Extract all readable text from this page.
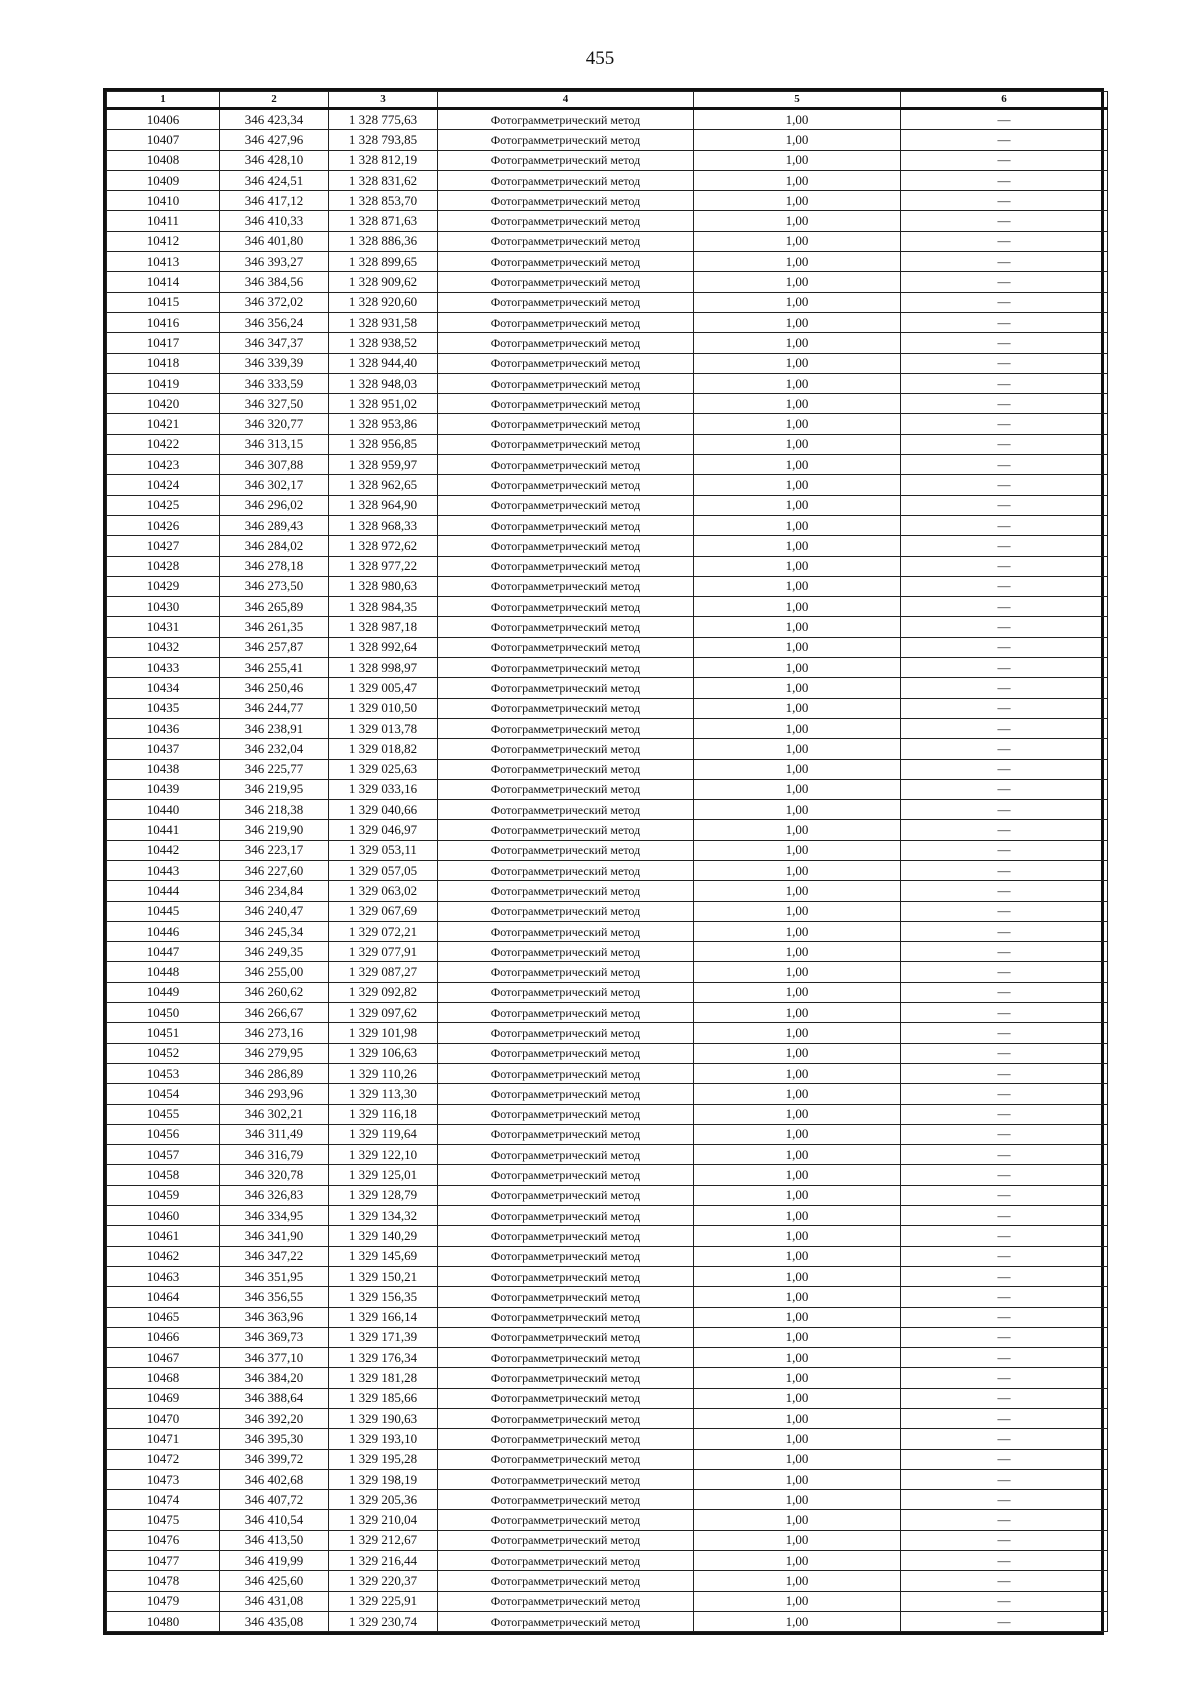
455
1	2	3	4	5	6
10406	346 423,34	1 328 775,63	Фотограмметрический метод	1,00	—
10407	346 427,96	1 328 793,85	Фотограмметрический метод	1,00	—
10408	346 428,10	1 328 812,19	Фотограмметрический метод	1,00	—
10409	346 424,51	1 328 831,62	Фотограмметрический метод	1,00	—
10410	346 417,12	1 328 853,70	Фотограмметрический метод	1,00	—
10411	346 410,33	1 328 871,63	Фотограмметрический метод	1,00	—
10412	346 401,80	1 328 886,36	Фотограмметрический метод	1,00	—
10413	346 393,27	1 328 899,65	Фотограмметрический метод	1,00	—
10414	346 384,56	1 328 909,62	Фотограмметрический метод	1,00	—
10415	346 372,02	1 328 920,60	Фотограмметрический метод	1,00	—
10416	346 356,24	1 328 931,58	Фотограмметрический метод	1,00	—
10417	346 347,37	1 328 938,52	Фотограмметрический метод	1,00	—
10418	346 339,39	1 328 944,40	Фотограмметрический метод	1,00	—
10419	346 333,59	1 328 948,03	Фотограмметрический метод	1,00	—
10420	346 327,50	1 328 951,02	Фотограмметрический метод	1,00	—
10421	346 320,77	1 328 953,86	Фотограмметрический метод	1,00	—
10422	346 313,15	1 328 956,85	Фотограмметрический метод	1,00	—
10423	346 307,88	1 328 959,97	Фотограмметрический метод	1,00	—
10424	346 302,17	1 328 962,65	Фотограмметрический метод	1,00	—
10425	346 296,02	1 328 964,90	Фотограмметрический метод	1,00	—
10426	346 289,43	1 328 968,33	Фотограмметрический метод	1,00	—
10427	346 284,02	1 328 972,62	Фотограмметрический метод	1,00	—
10428	346 278,18	1 328 977,22	Фотограмметрический метод	1,00	—
10429	346 273,50	1 328 980,63	Фотограмметрический метод	1,00	—
10430	346 265,89	1 328 984,35	Фотограмметрический метод	1,00	—
10431	346 261,35	1 328 987,18	Фотограмметрический метод	1,00	—
10432	346 257,87	1 328 992,64	Фотограмметрический метод	1,00	—
10433	346 255,41	1 328 998,97	Фотограмметрический метод	1,00	—
10434	346 250,46	1 329 005,47	Фотограмметрический метод	1,00	—
10435	346 244,77	1 329 010,50	Фотограмметрический метод	1,00	—
10436	346 238,91	1 329 013,78	Фотограмметрический метод	1,00	—
10437	346 232,04	1 329 018,82	Фотограмметрический метод	1,00	—
10438	346 225,77	1 329 025,63	Фотограмметрический метод	1,00	—
10439	346 219,95	1 329 033,16	Фотограмметрический метод	1,00	—
10440	346 218,38	1 329 040,66	Фотограмметрический метод	1,00	—
10441	346 219,90	1 329 046,97	Фотограмметрический метод	1,00	—
10442	346 223,17	1 329 053,11	Фотограмметрический метод	1,00	—
10443	346 227,60	1 329 057,05	Фотограмметрический метод	1,00	—
10444	346 234,84	1 329 063,02	Фотограмметрический метод	1,00	—
10445	346 240,47	1 329 067,69	Фотограмметрический метод	1,00	—
10446	346 245,34	1 329 072,21	Фотограмметрический метод	1,00	—
10447	346 249,35	1 329 077,91	Фотограмметрический метод	1,00	—
10448	346 255,00	1 329 087,27	Фотограмметрический метод	1,00	—
10449	346 260,62	1 329 092,82	Фотограмметрический метод	1,00	—
10450	346 266,67	1 329 097,62	Фотограмметрический метод	1,00	—
10451	346 273,16	1 329 101,98	Фотограмметрический метод	1,00	—
10452	346 279,95	1 329 106,63	Фотограмметрический метод	1,00	—
10453	346 286,89	1 329 110,26	Фотограмметрический метод	1,00	—
10454	346 293,96	1 329 113,30	Фотограмметрический метод	1,00	—
10455	346 302,21	1 329 116,18	Фотограмметрический метод	1,00	—
10456	346 311,49	1 329 119,64	Фотограмметрический метод	1,00	—
10457	346 316,79	1 329 122,10	Фотограмметрический метод	1,00	—
10458	346 320,78	1 329 125,01	Фотограмметрический метод	1,00	—
10459	346 326,83	1 329 128,79	Фотограмметрический метод	1,00	—
10460	346 334,95	1 329 134,32	Фотограмметрический метод	1,00	—
10461	346 341,90	1 329 140,29	Фотограмметрический метод	1,00	—
10462	346 347,22	1 329 145,69	Фотограмметрический метод	1,00	—
10463	346 351,95	1 329 150,21	Фотограмметрический метод	1,00	—
10464	346 356,55	1 329 156,35	Фотограмметрический метод	1,00	—
10465	346 363,96	1 329 166,14	Фотограмметрический метод	1,00	—
10466	346 369,73	1 329 171,39	Фотограмметрический метод	1,00	—
10467	346 377,10	1 329 176,34	Фотограмметрический метод	1,00	—
10468	346 384,20	1 329 181,28	Фотограмметрический метод	1,00	—
10469	346 388,64	1 329 185,66	Фотограмметрический метод	1,00	—
10470	346 392,20	1 329 190,63	Фотограмметрический метод	1,00	—
10471	346 395,30	1 329 193,10	Фотограмметрический метод	1,00	—
10472	346 399,72	1 329 195,28	Фотограмметрический метод	1,00	—
10473	346 402,68	1 329 198,19	Фотограмметрический метод	1,00	—
10474	346 407,72	1 329 205,36	Фотограмметрический метод	1,00	—
10475	346 410,54	1 329 210,04	Фотограмметрический метод	1,00	—
10476	346 413,50	1 329 212,67	Фотограмметрический метод	1,00	—
10477	346 419,99	1 329 216,44	Фотограмметрический метод	1,00	—
10478	346 425,60	1 329 220,37	Фотограмметрический метод	1,00	—
10479	346 431,08	1 329 225,91	Фотограмметрический метод	1,00	—
10480	346 435,08	1 329 230,74	Фотограмметрический метод	1,00	—
